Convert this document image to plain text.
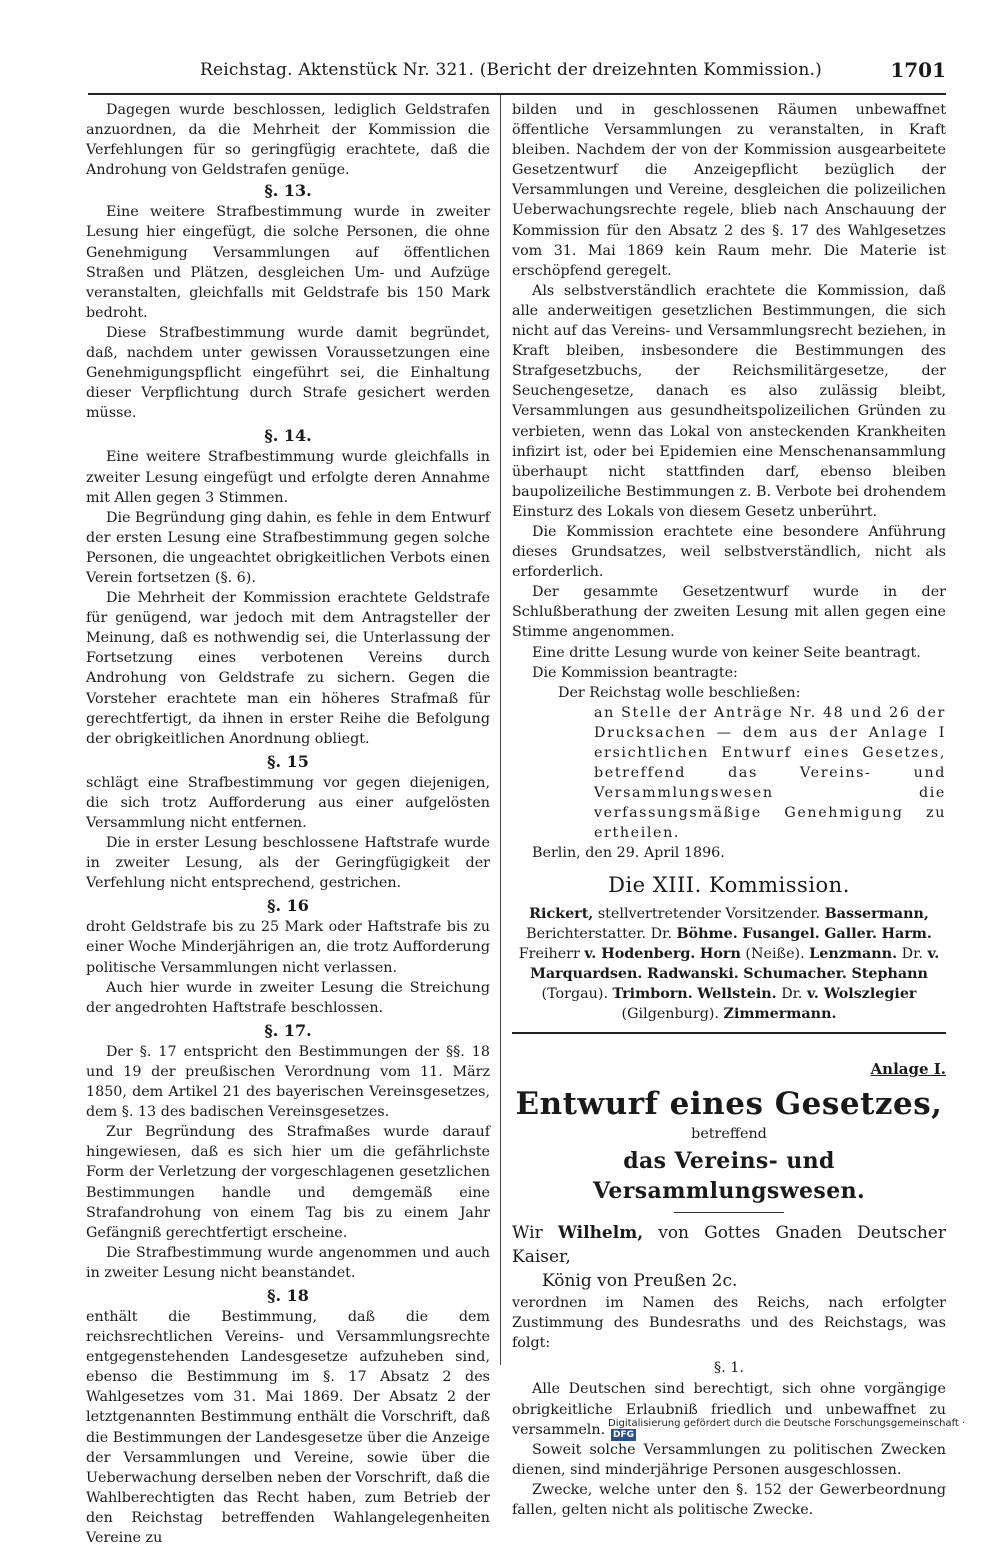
Reichstag. Aktenstück Nr. 321. (Bericht der dreizehnten Kommission.)	1701

Dagegen wurde beschlossen, lediglich Geldstrafen anzuordnen, da die Mehrheit der Kommission die Verfehlungen für so geringfügig erachtete, daß die Androhung von Geldstrafen genüge.

§. 13.

Eine weitere Strafbestimmung wurde in zweiter Lesung hier eingefügt, die solche Personen, die ohne Genehmigung Versammlungen auf öffentlichen Straßen und Plätzen, desgleichen Um- und Aufzüge veranstalten, gleichfalls mit Geldstrafe bis 150 Mark bedroht.

Diese Strafbestimmung wurde damit begründet, daß, nachdem unter gewissen Voraussetzungen eine Genehmigungspflicht eingeführt sei, die Einhaltung dieser Verpflichtung durch Strafe gesichert werden müsse.

§. 14.

Eine weitere Strafbestimmung wurde gleichfalls in zweiter Lesung eingefügt und erfolgte deren Annahme mit Allen gegen 3 Stimmen.

Die Begründung ging dahin, es fehle in dem Entwurf der ersten Lesung eine Strafbestimmung gegen solche Personen, die ungeachtet obrigkeitlichen Verbots einen Verein fortsetzen (§. 6).

Die Mehrheit der Kommission erachtete Geldstrafe für genügend, war jedoch mit dem Antragsteller der Meinung, daß es nothwendig sei, die Unterlassung der Fortsetzung eines verbotenen Vereins durch Androhung von Geldstrafe zu sichern. Gegen die Vorsteher erachtete man ein höheres Strafmaß für gerechtfertigt, da ihnen in erster Reihe die Befolgung der obrigkeitlichen Anordnung obliegt.

§. 15

schlägt eine Strafbestimmung vor gegen diejenigen, die sich trotz Aufforderung aus einer aufgelösten Versammlung nicht entfernen.

Die in erster Lesung beschlossene Haftstrafe wurde in zweiter Lesung, als der Geringfügigkeit der Verfehlung nicht entsprechend, gestrichen.

§. 16

droht Geldstrafe bis zu 25 Mark oder Haftstrafe bis zu einer Woche Minderjährigen an, die trotz Aufforderung politische Versammlungen nicht verlassen.

Auch hier wurde in zweiter Lesung die Streichung der angedrohten Haftstrafe beschlossen.

§. 17.

Der §. 17 entspricht den Bestimmungen der §§. 18 und 19 der preußischen Verordnung vom 11. März 1850, dem Artikel 21 des bayerischen Vereinsgesetzes, dem §. 13 des badischen Vereinsgesetzes.

Zur Begründung des Strafmaßes wurde darauf hingewiesen, daß es sich hier um die gefährlichste Form der Verletzung der vorgeschlagenen gesetzlichen Bestimmungen handle und demgemäß eine Strafandrohung von einem Tag bis zu einem Jahr Gefängniß gerechtfertigt erscheine.

Die Strafbestimmung wurde angenommen und auch in zweiter Lesung nicht beanstandet.

§. 18

enthält die Bestimmung, daß die dem reichsrechtlichen Vereins- und Versammlungsrechte entgegenstehenden Landesgesetze aufzuheben sind, ebenso die Bestimmung im §. 17 Absatz 2 des Wahlgesetzes vom 31. Mai 1869. Der Absatz 2 der letztgenannten Bestimmung enthält die Vorschrift, daß die Bestimmungen der Landesgesetze über die Anzeige der Versammlungen und Vereine, sowie über die Ueberwachung derselben neben der Vorschrift, daß die Wahlberechtigten das Recht haben, zum Betrieb der den Reichstag betreffenden Wahlangelegenheiten Vereine zu

bilden und in geschlossenen Räumen unbewaffnet öffentliche Versammlungen zu veranstalten, in Kraft bleiben. Nachdem der von der Kommission ausgearbeitete Gesetzentwurf die Anzeigepflicht bezüglich der Versammlungen und Vereine, desgleichen die polizeilichen Ueberwachungsrechte regele, blieb nach Anschauung der Kommission für den Absatz 2 des §. 17 des Wahlgesetzes vom 31. Mai 1869 kein Raum mehr. Die Materie ist erschöpfend geregelt.

Als selbstverständlich erachtete die Kommission, daß alle anderweitigen gesetzlichen Bestimmungen, die sich nicht auf das Vereins- und Versammlungsrecht beziehen, in Kraft bleiben, insbesondere die Bestimmungen des Strafgesetzbuchs, der Reichsmilitärgesetze, der Seuchengesetze, danach es also zulässig bleibt, Versammlungen aus gesundheitspolizeilichen Gründen zu verbieten, wenn das Lokal von ansteckenden Krankheiten infizirt ist, oder bei Epidemien eine Menschenansammlung überhaupt nicht stattfinden darf, ebenso bleiben baupolizeiliche Bestimmungen z. B. Verbote bei drohendem Einsturz des Lokals von diesem Gesetz unberührt.

Die Kommission erachtete eine besondere Anführung dieses Grundsatzes, weil selbstverständlich, nicht als erforderlich.

Der gesammte Gesetzentwurf wurde in der Schlußberathung der zweiten Lesung mit allen gegen eine Stimme angenommen.

Eine dritte Lesung wurde von keiner Seite beantragt.

Die Kommission beantragte:

Der Reichstag wolle beschließen:

an Stelle der Anträge Nr. 48 und 26 der Drucksachen — dem aus der Anlage I ersichtlichen Entwurf eines Gesetzes, betreffend das Vereins- und Versammlungswesen die verfassungsmäßige Genehmigung zu ertheilen.

Berlin, den 29. April 1896.

Die XIII. Kommission.

Rickert, stellvertretender Vorsitzender. Bassermann, Berichterstatter. Dr. Böhme. Fusangel. Galler. Harm. Freiherr v. Hodenberg. Horn (Neiße). Lenzmann. Dr. v. Marquardsen. Radwanski. Schumacher. Stephann (Torgau). Trimborn. Wellstein. Dr. v. Wolszlegier (Gilgenburg). Zimmermann.

Anlage I.
Entwurf eines Gesetzes,
betreffend
das Vereins- und Versammlungswesen.

Wir Wilhelm, von Gottes Gnaden Deutscher Kaiser,

König von Preußen 2c.

verordnen im Namen des Reichs, nach erfolgter Zustimmung des Bundesraths und des Reichstags, was folgt:

§. 1.

Alle Deutschen sind berechtigt, sich ohne vorgängige obrigkeitliche Erlaubniß friedlich und unbewaffnet zu versammeln.

Soweit solche Versammlungen zu politischen Zwecken dienen, sind minderjährige Personen ausgeschlossen.

Zwecke, welche unter den §. 152 der Gewerbeordnung fallen, gelten nicht als politische Zwecke.

Digitalisierung gefördert durch die Deutsche Forschungsgemeinschaft ·DFG
